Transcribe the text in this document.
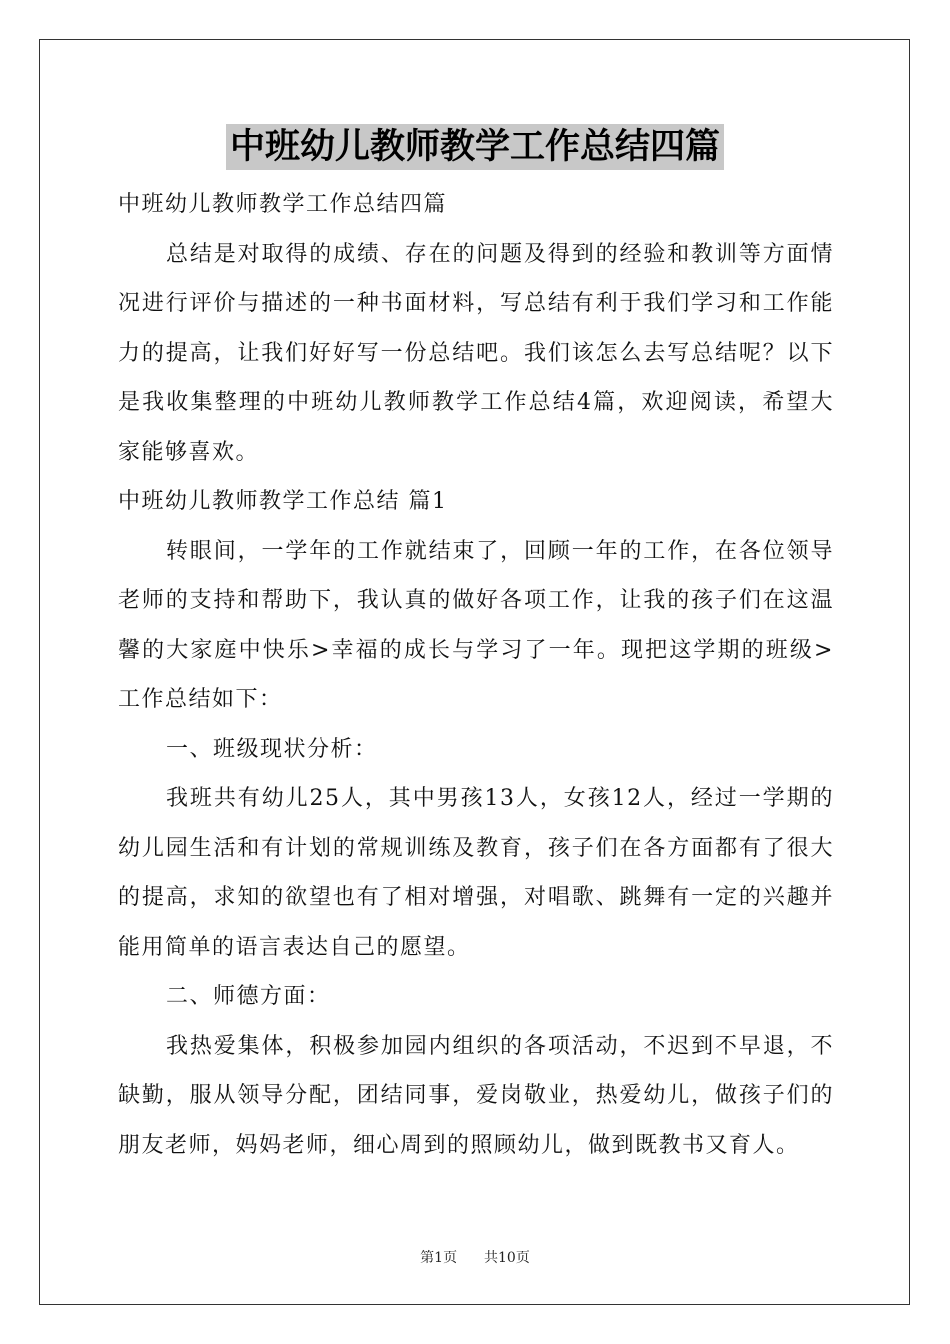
中班幼儿教师教学工作总结四篇

中班幼儿教师教学工作总结四篇

总结是对取得的成绩、存在的问题及得到的经验和教训等方面情况进行评价与描述的一种书面材料，写总结有利于我们学习和工作能力的提高，让我们好好写一份总结吧。我们该怎么去写总结呢？以下是我收集整理的中班幼儿教师教学工作总结4篇，欢迎阅读，希望大家能够喜欢。

中班幼儿教师教学工作总结 篇1

转眼间，一学年的工作就结束了，回顾一年的工作，在各位领导老师的支持和帮助下，我认真的做好各项工作，让我的孩子们在这温馨的大家庭中快乐>幸福的成长与学习了一年。现把这学期的班级>工作总结如下：

一、班级现状分析：

我班共有幼儿25人，其中男孩13人，女孩12人，经过一学期的幼儿园生活和有计划的常规训练及教育，孩子们在各方面都有了很大的提高，求知的欲望也有了相对增强，对唱歌、跳舞有一定的兴趣并能用简单的语言表达自己的愿望。

二、师德方面：

我热爱集体，积极参加园内组织的各项活动，不迟到不早退，不缺勤，服从领导分配，团结同事，爱岗敬业，热爱幼儿，做孩子们的朋友老师，妈妈老师，细心周到的照顾幼儿，做到既教书又育人。

第1页 共10页
